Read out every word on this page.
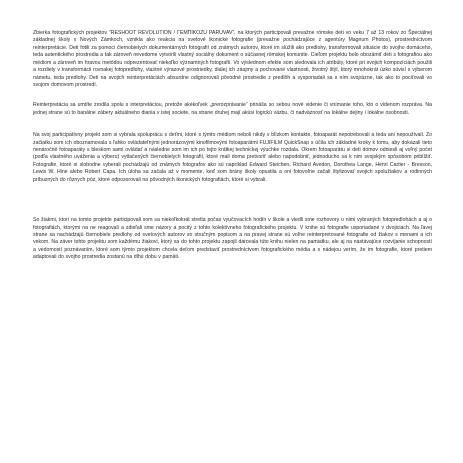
Zbierka fotografických projektov “RESHOOT REVOLUTION / ΓΕΜΠΙΚΟΖU PARUVAV”, na ktorých participovali prevažne rómske deti vo veku 7 až 13 rokov zo Špeciálnej základnej školy v Nových Zámkoch, vznikla ako reakcia na svetové ikonické fotografie (prevažne pochádzajúce z agentúry Magnum Photos), prostredníctvom reinterpretácie. Deti fotili za pomoci čiernobielych dokumentárnych fotografií od známych autorov, ktoré im slúžili ako predlohy, transformovali situácie do svojho domáceho, teda autentického prostredia a tak zároveň nevedome vytvorili vlastný sociálny dokument o súčasnej rómskej komunite. Cieľom projektu bolo obozámiť deti s fotografiou ako médiom a zároveň im hravou metódou odprezentovať niekoľko významných fotografií. Vo výslednom efekte som sledovala ich atribúty, ktoré pri svojich kompozíciách použili a rozdiely v transformácii rovnakej fotopredlohy, vlastné výrazové prostriedky, dialej ich záujmy a pochované vlastnosti, životný štýl, ktorý mnohokrát úzko súvisí s výberom námetu, teda predlohy. Deti na svojich reinterpretáciách absurdne odignorovali pôvodné prostredie z predlôh a vysporiadali sa s ním svojrázne, tak ako to pociťovali vo svojom domovom prostredí.

Reinterpretácia sa umtíte zrodila spolu s interpretáciou, pretože akékoľvek „prerozprávanie“ prináša so sebou nové videnie či vnímanie toho, kto o videnom rozpráva. Na jednej strane sú to banálne zábery aktuálneho diania v istej societe, na strane druhej mají akúsi logickú väzbu, či nadväznosť na lokálne dejiny i lokálne osobnosti.

Na svoj participatívny projekt som si vybrala spoluprácu s deťmi, ktoré s týmto médiom neboli nikdy v blízkom kontakte, fotoaparát nepotrebovali a teda ani nepoužívali. Zo začiatku som ich oboznamovala s ľahko ovládateľnými jednorázovými kinofilmovými fotoaparátmi FUJIFILM QuickSnap s účila ich základné kroky k tomu, aby dokázali tieto nenáročné fotoaparáty s bleskom sami ovládať a následne som im ich po tejto krátkej technickej výuchke rozdala. Okrem fotoaparátu si deti domov odniesli aj voľný počet (podľa vlastného uváženia a výberu) vytlačených čiernobielych fotografií, ktoré mali doma pretvoriť alebo napodobniť, jednoducho sa k nim svojským spôsobom priblížiť. Fotografie, ktoré si slobodne vyberali pochádzajú od známych fotografov ako sú napríklad Edward Steichen, Richard Avedon, Dorothea Lange, Henri Cartier - Bresson, Lewis W. Hine alebo Robert Capa. Ich úloha sa začala až v momente, keď som brány školy opustila a oni fotovoľne začali štylizovať svojich spolužiakov a rodinných príbuzných do rôznych póz, ktoré odpozorovali na pôvodných ikonických fotografiách, ktoré si vybrali.

So žiakmi, ktorí na tomto projekte participovali som sa niekoľkokrát stretla počas vyučovacích hodín v škole a viedli sme rozhovory o nimi vybraných fotopredlohách a aj o fotografiách, ktorými na ne reagovali a zdieľali sme názory a pocity z tohto kolektívneho fotografického projektu. V knihe sú fotografie usporiadané v dvojiciach. Na ľavej strane sa nachádzajú čiernobiele predlohy od svetových autorov so stručným popisom a na pravej strane sú voľne reinterpretované fotografie od žiakov s menami a ich vekom. Na záver tohto projektu som každému žiakovi, ktorý sa do tohto projektu zapojil darovala túto knihu nielen na pamiatku, ale aj na nastávajúce rozvíjanie schopností a vedomostí poznávaním, ktoré som týmto projektom chcela deťom predstaviť prostredníctvom fotografického média a s nádejou verím, že im fotografie, ktoré pretiem adaptovali do svojho prostredia zostanú na dlhú dobu v pamäti.
